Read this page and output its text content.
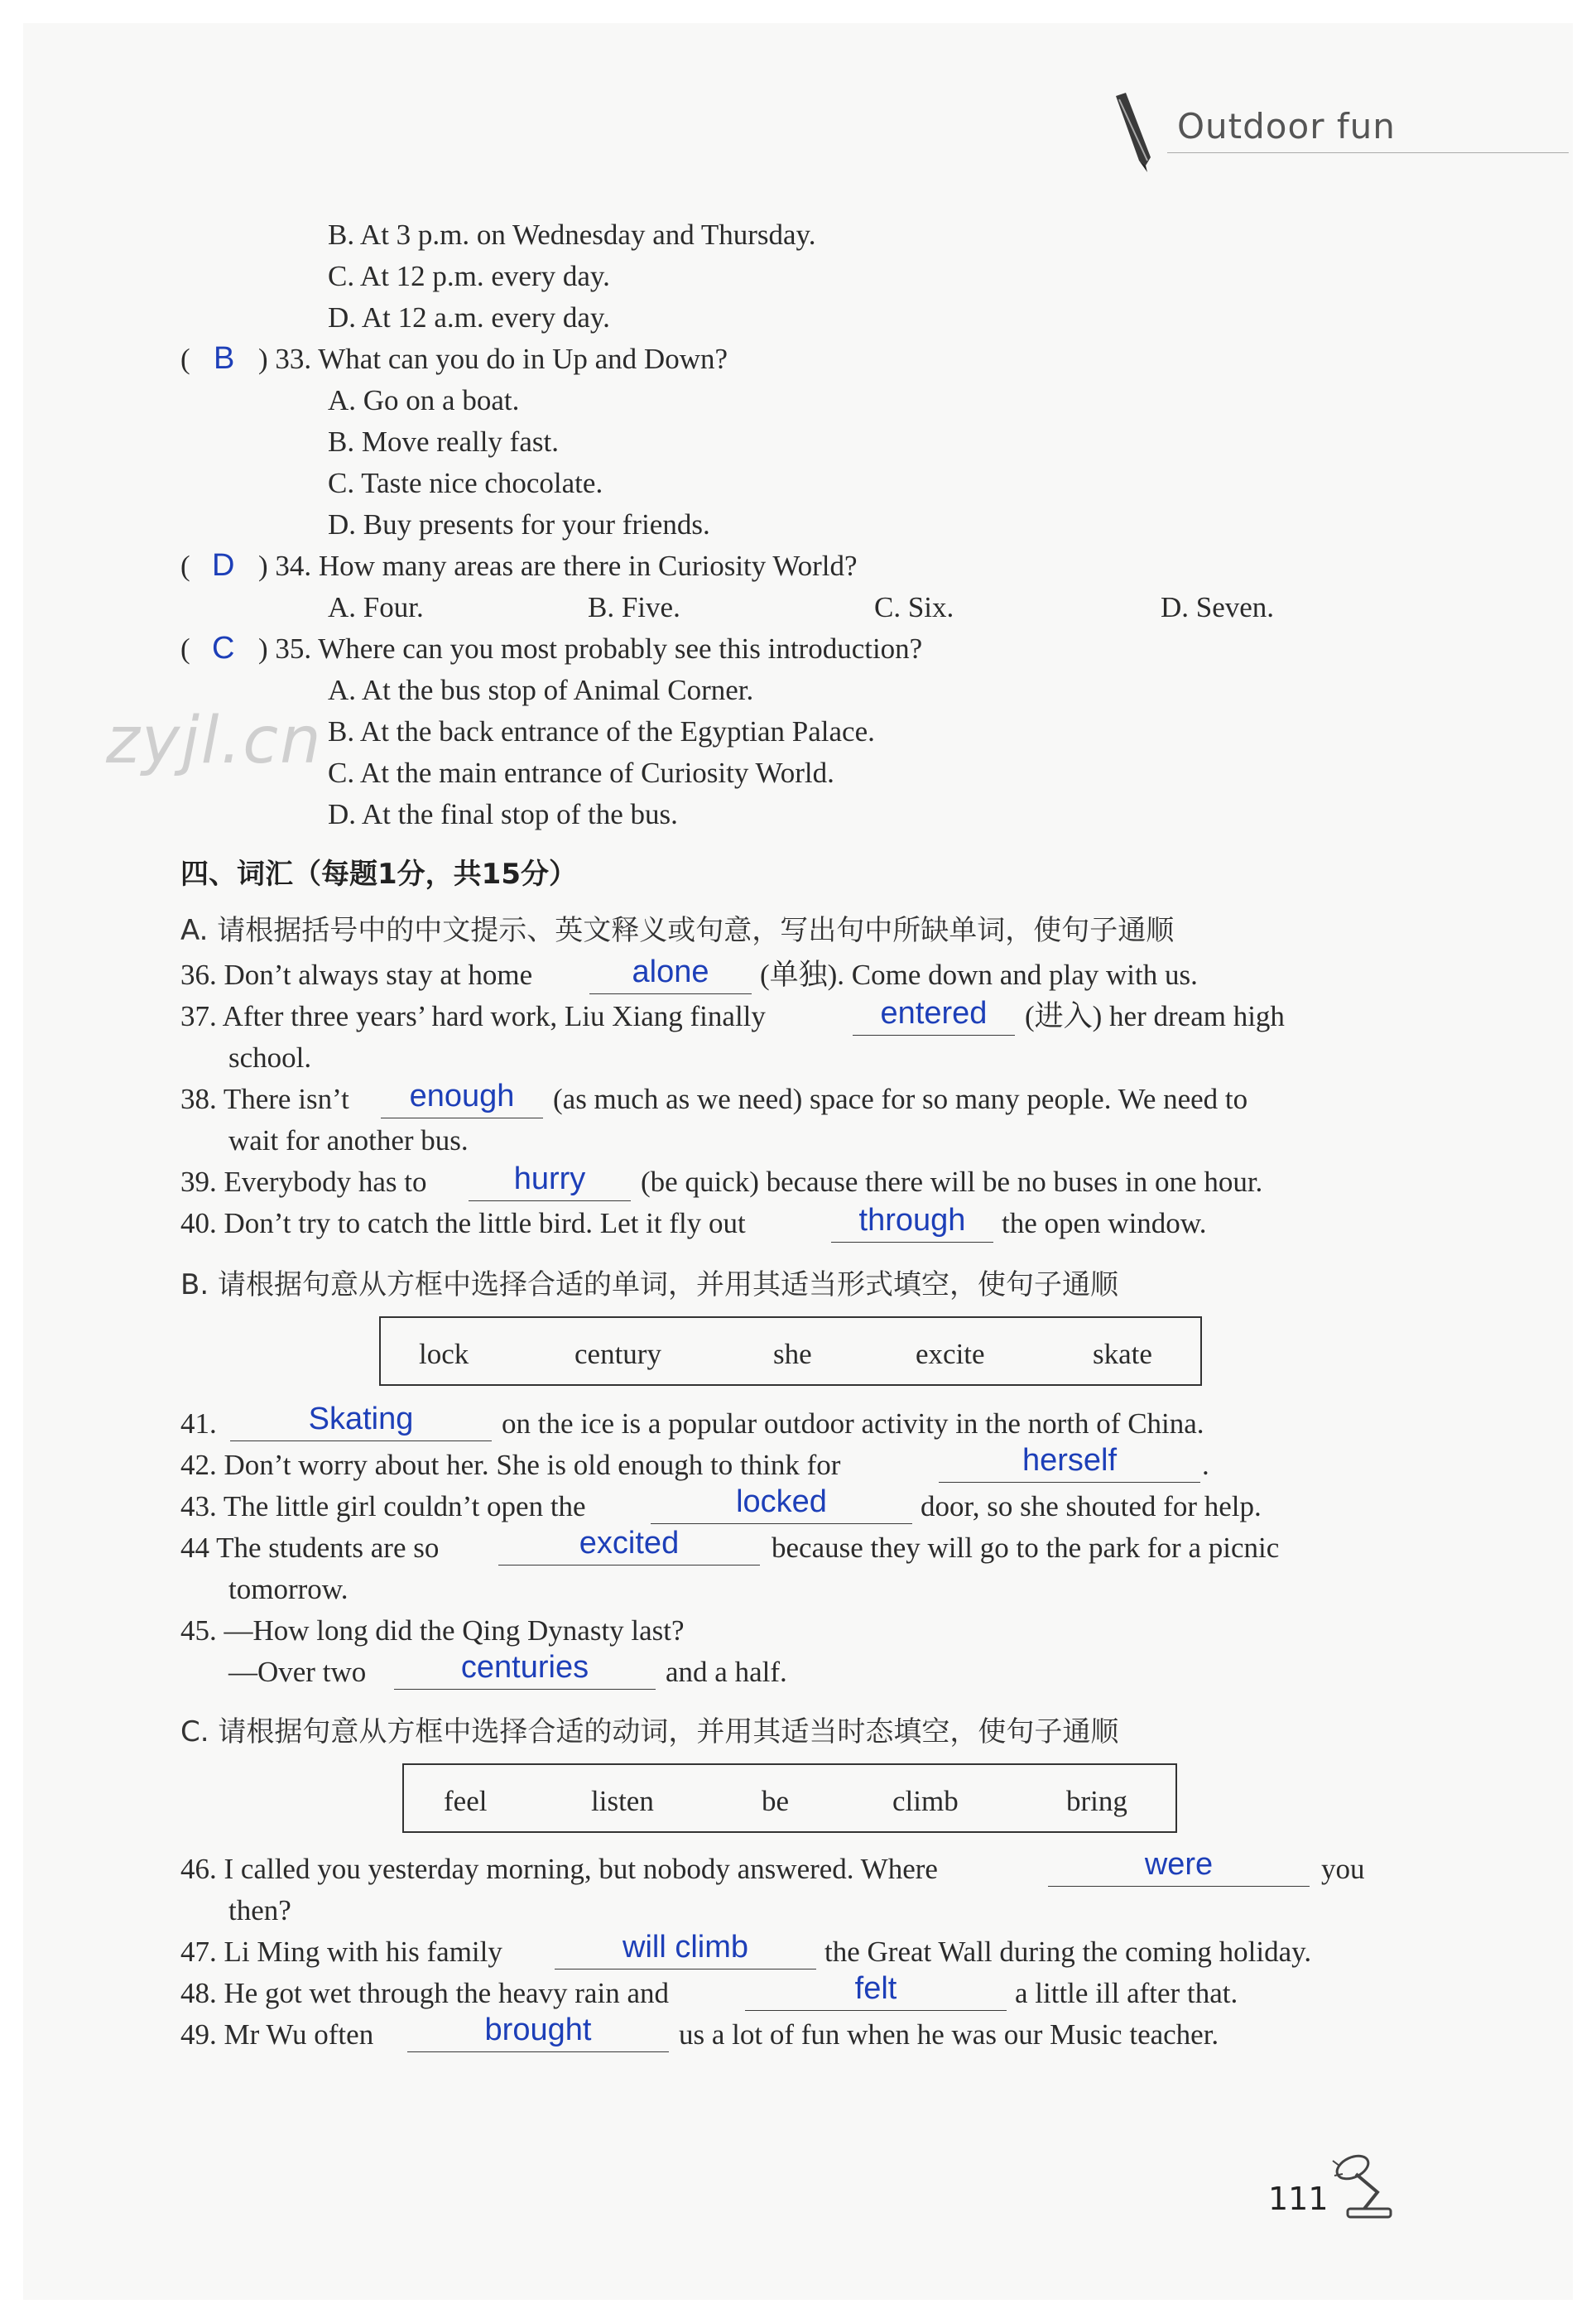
Outdoor fun
B. At 3 p.m. on Wednesday and Thursday.
C. At 12 p.m. every day.
D. At 12 a.m. every day.
( B ) 33. What can you do in Up and Down?
A. Go on a boat.
B. Move really fast.
C. Taste nice chocolate.
D. Buy presents for your friends.
( D ) 34. How many areas are there in Curiosity World?
A. Four.	B. Five.	C. Six.	D. Seven.
( C ) 35. Where can you most probably see this introduction?
A. At the bus stop of Animal Corner.
B. At the back entrance of the Egyptian Palace.
C. At the main entrance of Curiosity World.
D. At the final stop of the bus.
zyjl.cn
四、词汇（每题1分，共15分）
A. 请根据括号中的中文提示、英文释义或句意，写出句中所缺单词，使句子通顺
36. Don’t always stay at home	alone	(单独). Come down and play with us.
37. After three years’ hard work, Liu Xiang finally	entered	(进入) her dream high
school.
38. There isn’t	enough	(as much as we need) space for so many people. We need to
wait for another bus.
39. Everybody has to	hurry	(be quick) because there will be no buses in one hour.
40. Don’t try to catch the little bird. Let it fly out	through	the open window.
B. 请根据句意从方框中选择合适的单词，并用其适当形式填空，使句子通顺
lock	century	she	excite	skate
41.	Skating	on the ice is a popular outdoor activity in the north of China.
42. Don’t worry about her. She is old enough to think for	herself	.
43. The little girl couldn’t open the	locked	door, so she shouted for help.
44 The students are so	excited	because they will go to the park for a picnic
tomorrow.
45. —How long did the Qing Dynasty last?
—Over two	centuries	and a half.
C. 请根据句意从方框中选择合适的动词，并用其适当时态填空，使句子通顺
feel	listen	be	climb	bring
46. I called you yesterday morning, but nobody answered. Where	were	you
then?
47. Li Ming with his family	will climb	the Great Wall during the coming holiday.
48. He got wet through the heavy rain and	felt	a little ill after that.
49. Mr Wu often	brought	us a lot of fun when he was our Music teacher.
111
